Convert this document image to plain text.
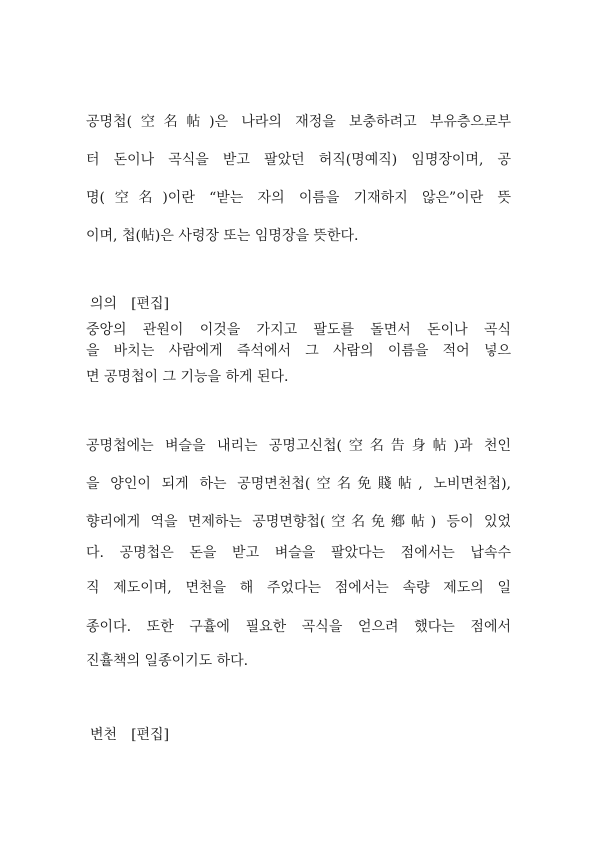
공명첩(空名帖)은 나라의 재정을 보충하려고 부유층으로부
터 돈이나 곡식을 받고 팔았던 허직(명예직) 임명장이며, 공
명(空名)이란 “받는 자의 이름을 기재하지 않은”이란 뜻
이며, 첩(帖)은 사령장 또는 임명장을 뜻한다.
의의 [편집]
중앙의 관원이 이것을 가지고 팔도를 돌면서 돈이나 곡식
을 바치는 사람에게 즉석에서 그 사람의 이름을 적어 넣으
면 공명첩이 그 기능을 하게 된다.
공명첩에는 벼슬을 내리는 공명고신첩(空名告身帖)과 천인
을 양인이 되게 하는 공명면천첩(空名免賤帖, 노비면천첩),
향리에게 역을 면제하는 공명면향첩(空名免鄕帖) 등이 있었
다. 공명첩은 돈을 받고 벼슬을 팔았다는 점에서는 납속수
직 제도이며, 면천을 해 주었다는 점에서는 속량 제도의 일
종이다. 또한 구휼에 필요한 곡식을 얻으려 했다는 점에서
진휼책의 일종이기도 하다.
변천 [편집]
